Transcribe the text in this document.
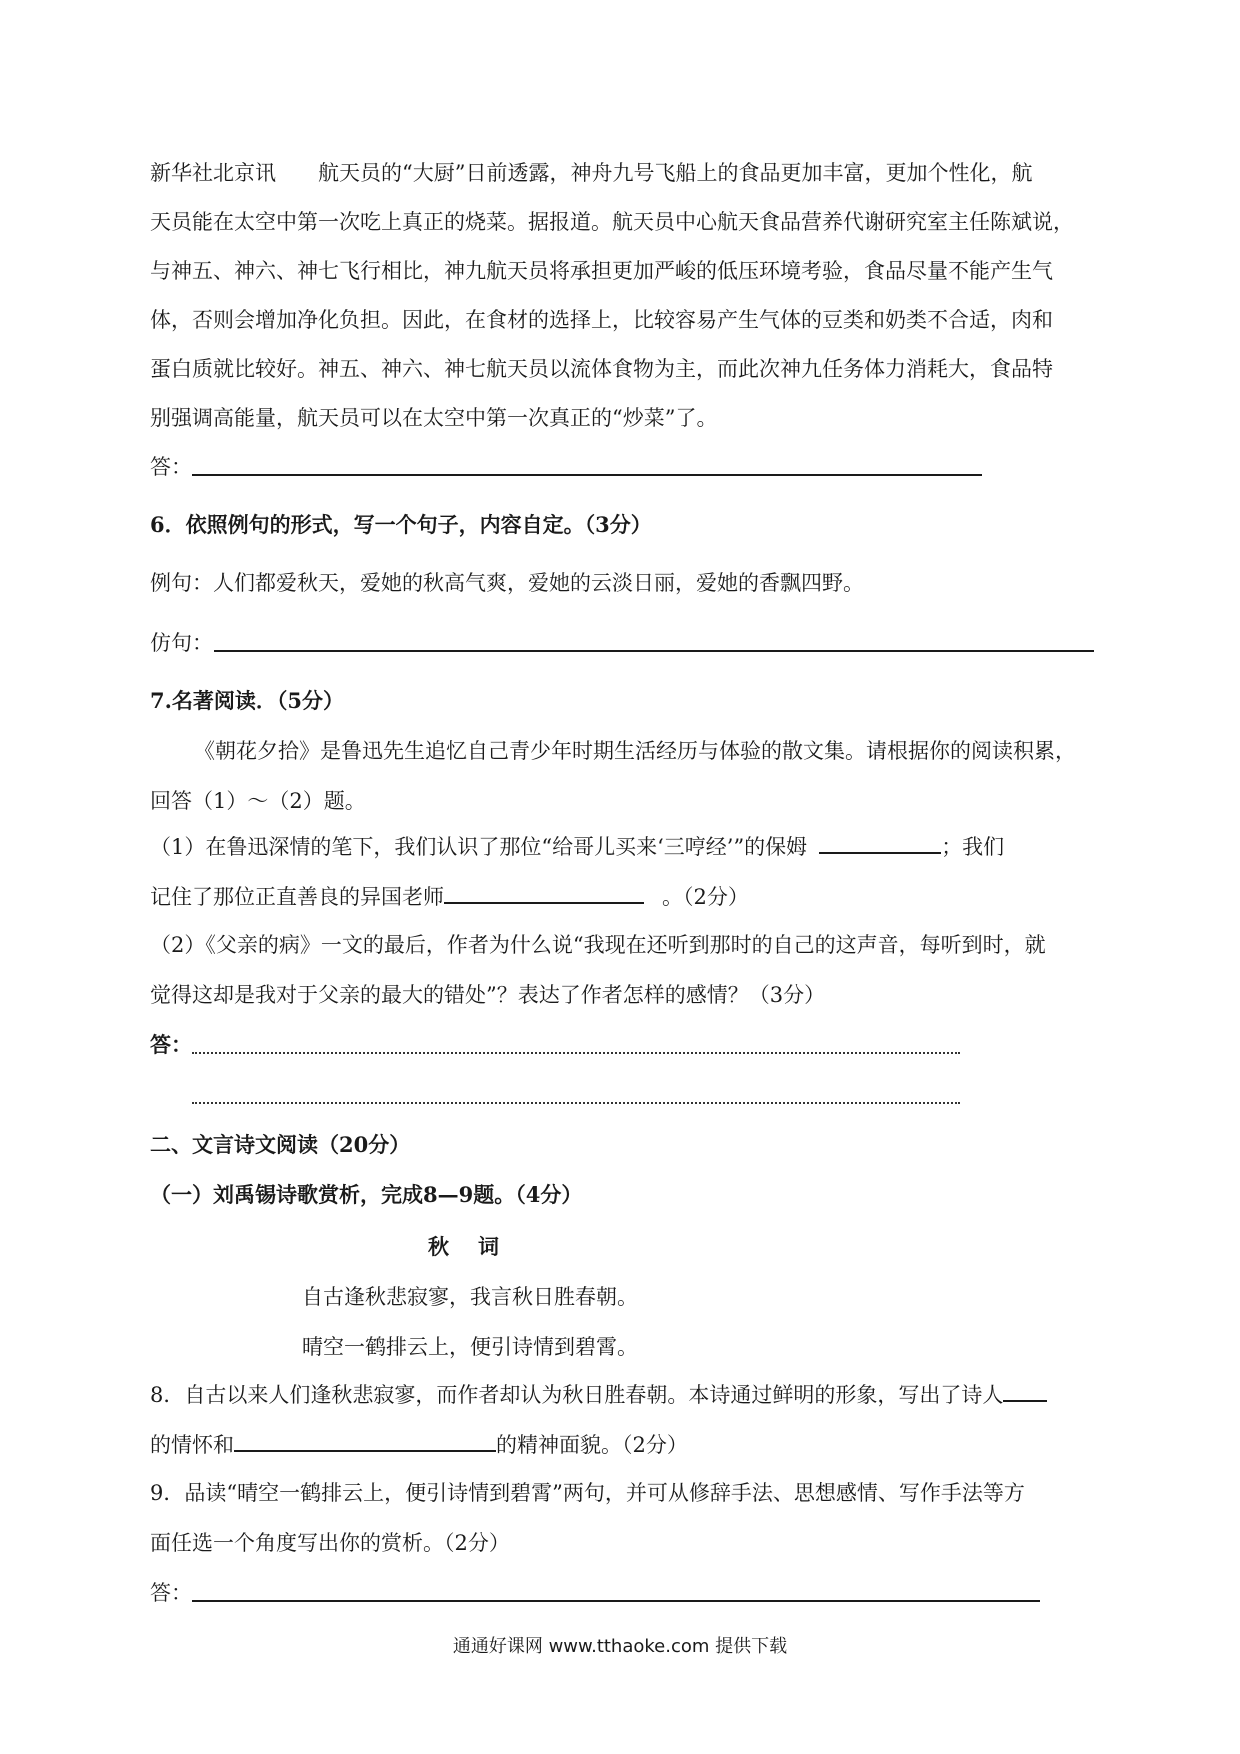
新华社北京讯　　航天员的“大厨”日前透露，神舟九号飞船上的食品更加丰富，更加个性化，航
天员能在太空中第一次吃上真正的烧菜。据报道。航天员中心航天食品营养代谢研究室主任陈斌说，
与神五、神六、神七飞行相比，神九航天员将承担更加严峻的低压环境考验，食品尽量不能产生气
体，否则会增加净化负担。因此，在食材的选择上，比较容易产生气体的豆类和奶类不合适，肉和
蛋白质就比较好。神五、神六、神七航天员以流体食物为主，而此次神九任务体力消耗大，食品特
别强调高能量，航天员可以在太空中第一次真正的“炒菜”了。
答：
6．依照例句的形式，写一个句子，内容自定。（3分）
例句：人们都爱秋天，爱她的秋高气爽，爱她的云淡日丽，爱她的香飘四野。
仿句：
7.名著阅读．（5分）
《朝花夕拾》是鲁迅先生追忆自己青少年时期生活经历与体验的散文集。请根据你的阅读积累，
回答（1）～（2）题。
（1）在鲁迅深情的笔下，我们认识了那位“给哥儿买来‘三哼经’”的保姆	；我们
记住了那位正直善良的异国老师	。（2分）
（2）《父亲的病》一文的最后，作者为什么说“我现在还听到那时的自己的这声音，每听到时，就
觉得这却是我对于父亲的最大的错处”？表达了作者怎样的感情？（3分）
答：
二、文言诗文阅读（20分）
（一）刘禹锡诗歌赏析，完成8—9题。（4分）
秋　词
自古逢秋悲寂寥，我言秋日胜春朝。
晴空一鹤排云上，便引诗情到碧霄。
8．自古以来人们逢秋悲寂寥，而作者却认为秋日胜春朝。本诗通过鲜明的形象，写出了诗人
的情怀和	的精神面貌。（2分）
9．品读“晴空一鹤排云上，便引诗情到碧霄”两句，并可从修辞手法、思想感情、写作手法等方
面任选一个角度写出你的赏析。（2分）
答：
通通好课网 www.tthaoke.com 提供下载
